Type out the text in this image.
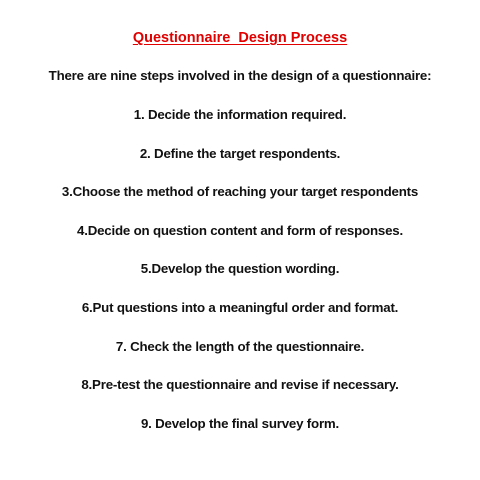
Questionnaire  Design Process
There are nine steps involved in the design of a questionnaire:
1. Decide the information required.
2. Define the target respondents.
3.Choose the method of reaching your target respondents
4.Decide on question content and form of responses.
5.Develop the question wording.
6.Put questions into a meaningful order and format.
7. Check the length of the questionnaire.
8.Pre-test the questionnaire and revise if necessary.
9. Develop the final survey form.
